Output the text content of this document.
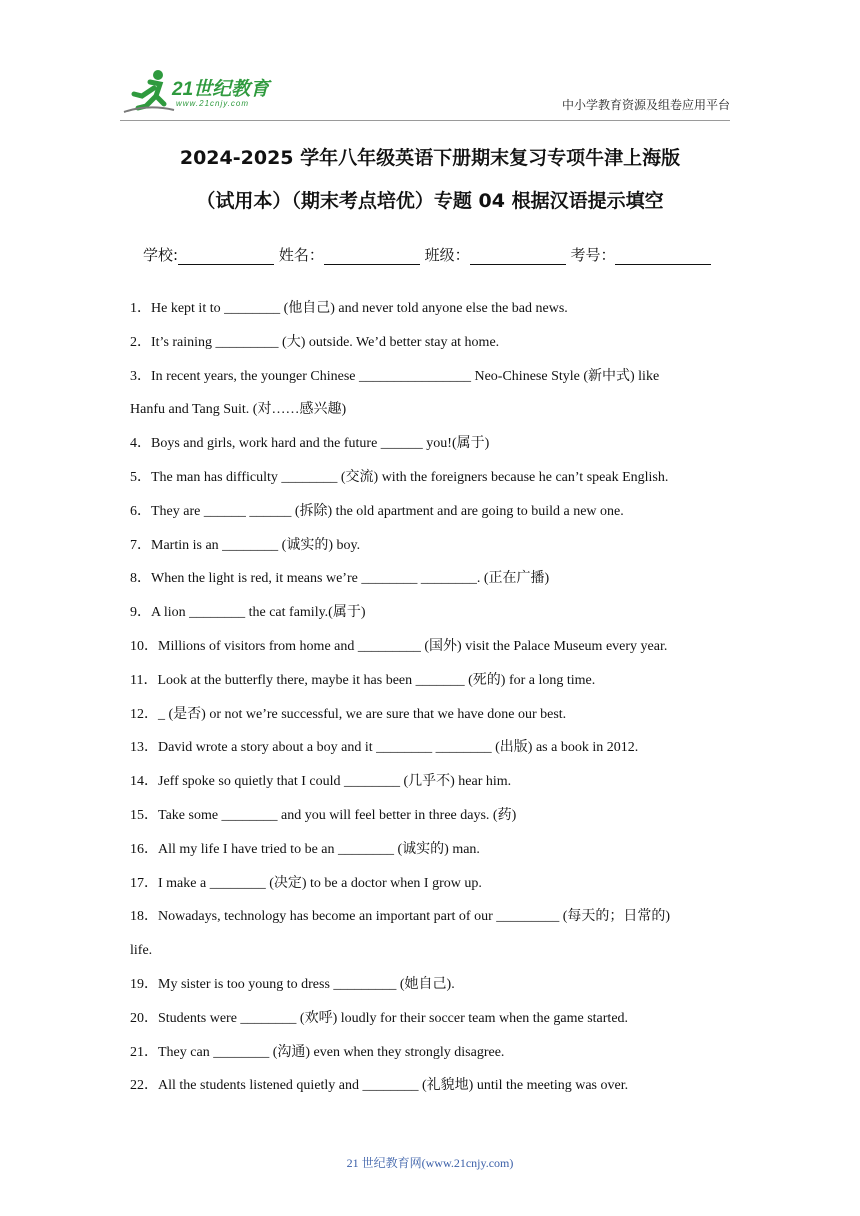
21世纪教育
www.21cnjy.com	中小学教育资源及组卷应用平台
2024-2025 学年八年级英语下册期末复习专项牛津上海版
（试用本）（期末考点培优）专题 04 根据汉语提示填空
学校:	姓名：	班级：	考号：
1．He kept it to ________ (他自己) and never told anyone else the bad news.
2．It’s raining _________ (大) outside. We’d better stay at home.
3．In recent years, the younger Chinese ________________ Neo-Chinese Style (新中式) like
Hanfu and Tang Suit. (对……感兴趣)
4．Boys and girls, work hard and the future ______ you!(属于)
5．The man has difficulty ________ (交流) with the foreigners because he can’t speak English.
6．They are ______ ______ (拆除) the old apartment and are going to build a new one.
7．Martin is an ________ (诚实的) boy.
8．When the light is red, it means we’re ________ ________. (正在广播)
9．A lion ________ the cat family.(属于)
10．Millions of visitors from home and _________ (国外) visit the Palace Museum every year.
11．Look at the butterfly there, maybe it has been _______ (死的) for a long time.
12．_ (是否) or not we’re successful, we are sure that we have done our best.
13．David wrote a story about a boy and it ________ ________ (出版) as a book in 2012.
14．Jeff spoke so quietly that I could ________ (几乎不) hear him.
15．Take some ________ and you will feel better in three days. (药)
16．All my life I have tried to be an ________ (诚实的) man.
17．I make a ________ (决定) to be a doctor when I grow up.
18．Nowadays, technology has become an important part of our _________ (每天的；日常的)
life.
19．My sister is too young to dress _________ (她自己).
20．Students were ________ (欢呼) loudly for their soccer team when the game started.
21．They can ________ (沟通) even when they strongly disagree.
22．All the students listened quietly and ________ (礼貌地) until the meeting was over.
21 世纪教育网(www.21cnjy.com)
